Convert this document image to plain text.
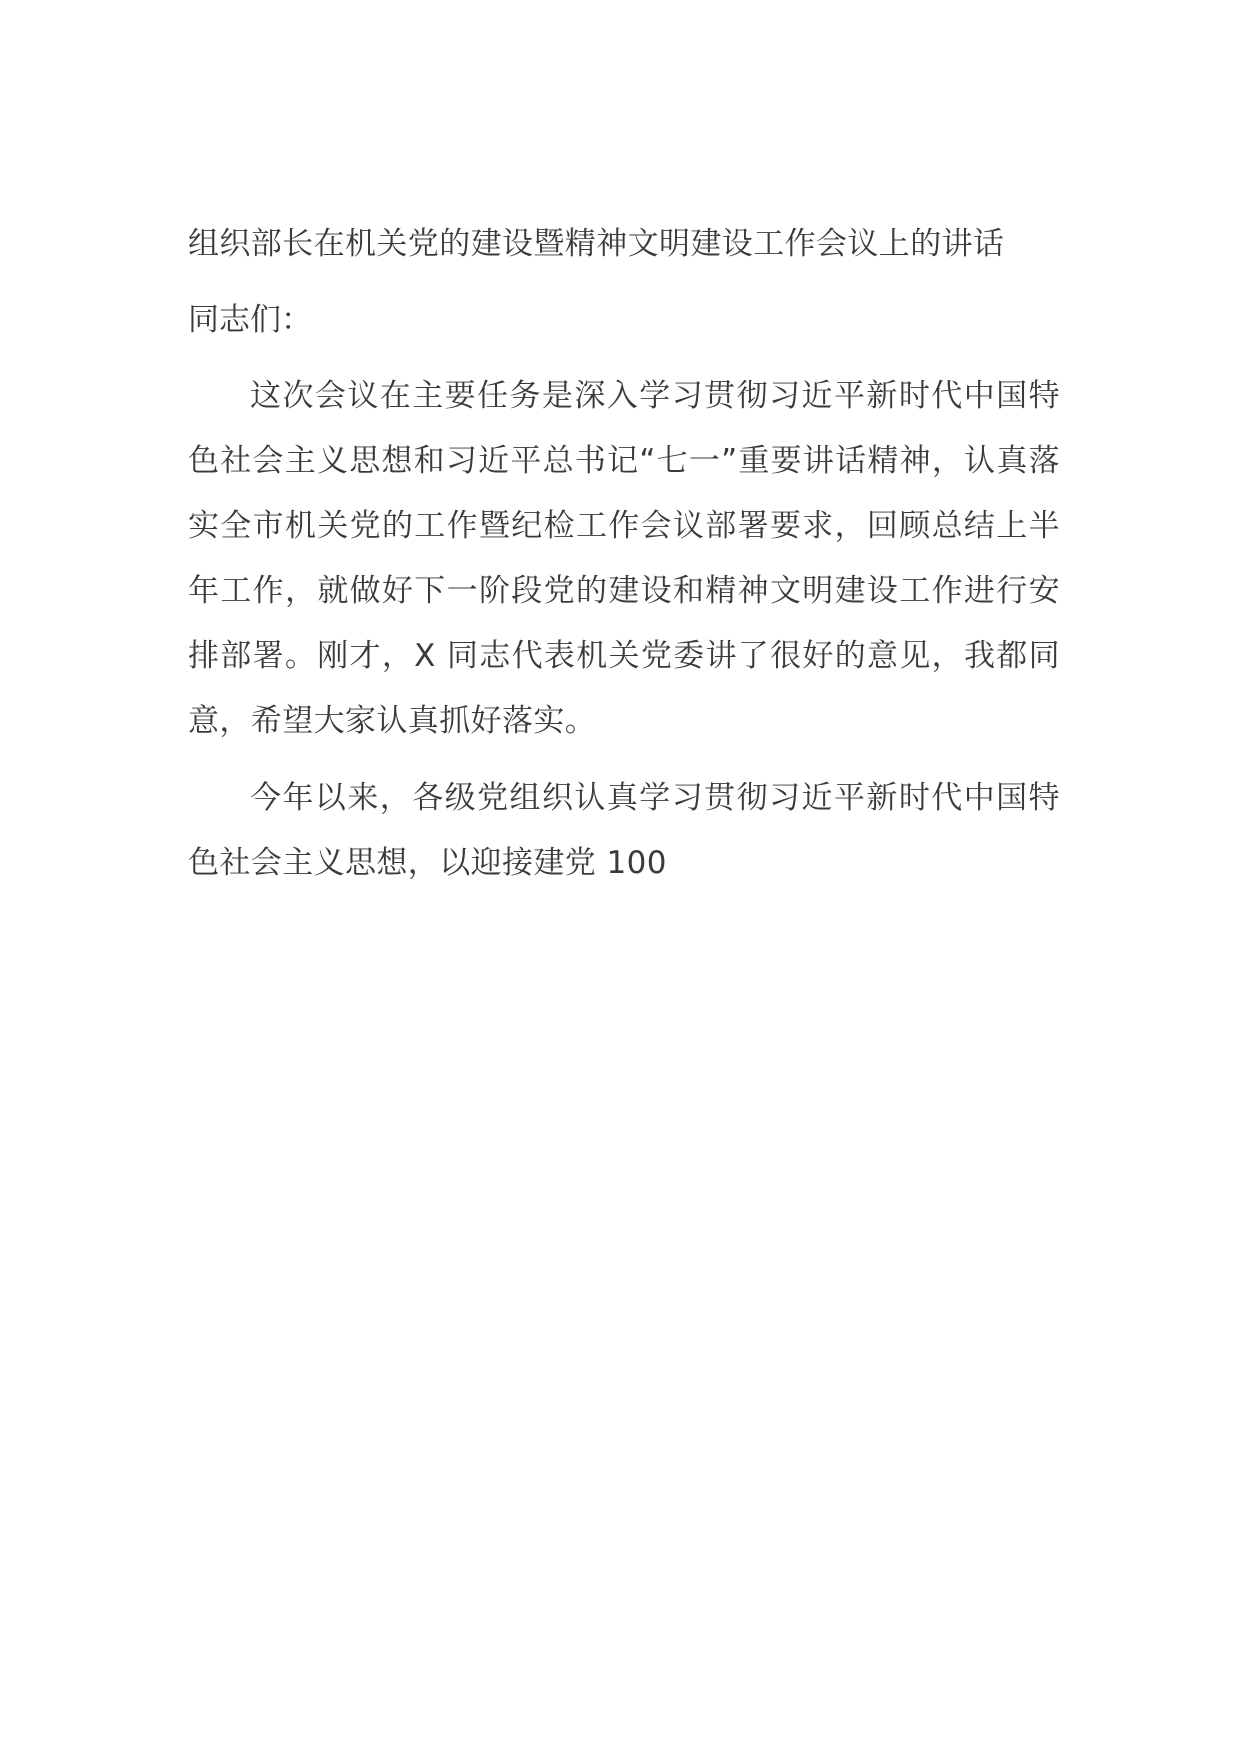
组织部长在机关党的建设暨精神文明建设工作会议上的讲话

同志们：

这次会议在主要任务是深入学习贯彻习近平新时代中国特色社会主义思想和习近平总书记“七一”重要讲话精神，认真落实全市机关党的工作暨纪检工作会议部署要求，回顾总结上半年工作，就做好下一阶段党的建设和精神文明建设工作进行安排部署。刚才，X 同志代表机关党委讲了很好的意见，我都同意，希望大家认真抓好落实。

今年以来，各级党组织认真学习贯彻习近平新时代中国特色社会主义思想，以迎接建党 100
